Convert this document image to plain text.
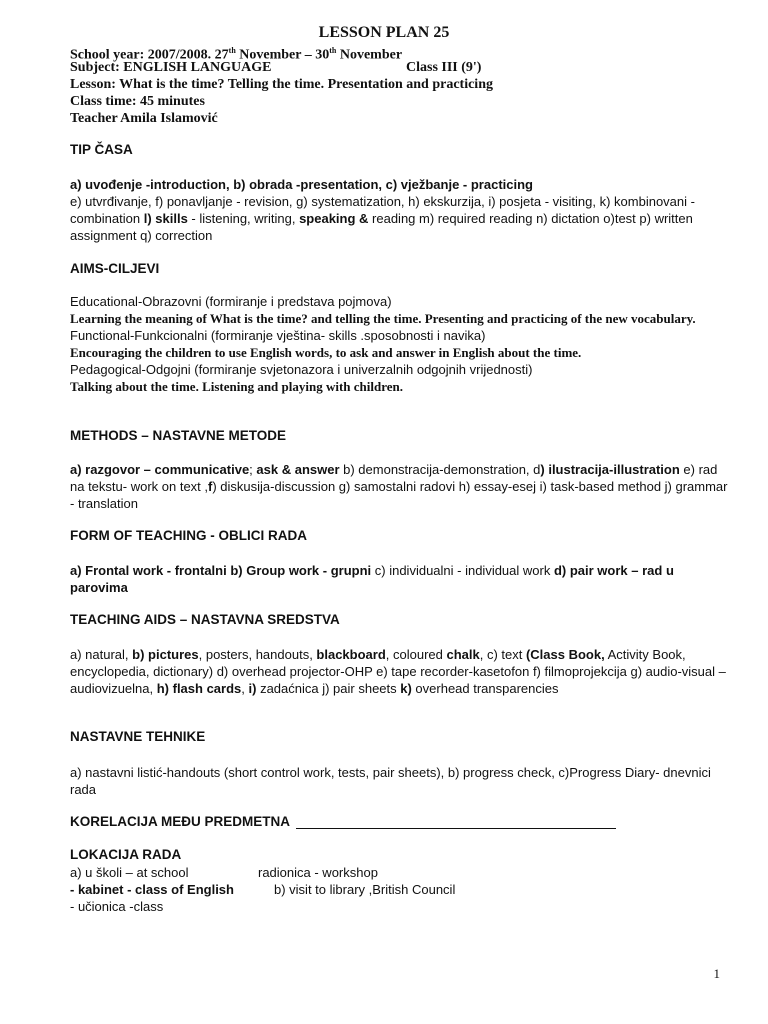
LESSON PLAN 25
School year: 2007/2008. 27th November – 30th November
Subject: ENGLISH LANGUAGE	Class III (9')
Lesson: What is the time? Telling the time. Presentation and practicing
Class time: 45 minutes
Teacher Amila Islamović
TIP ČASA
a) uvođenje -introduction, b) obrada -presentation, c) vježbanje - practicing
e) utvrđivanje, f) ponavljanje - revision, g) systematization, h) ekskurzija, i) posjeta - visiting, k) kombinovani - combination l) skills - listening, writing, speaking & reading m) required reading n) dictation o)test p) written assignment q) correction
AIMS-CILJEVI
Educational-Obrazovni (formiranje i predstava pojmova)
Learning the meaning of What is the time? and telling the time. Presenting and practicing of the new vocabulary.
Functional-Funkcionalni (formiranje vještina- skills .sposobnosti i navika)
Encouraging the children to use English words, to ask and answer in English about the time.
Pedagogical-Odgojni (formiranje svjetonazora i univerzalnih odgojnih vrijednosti)
Talking about the time. Listening and playing with children.
METHODS – NASTAVNE METODE
a) razgovor – communicative; ask & answer b) demonstracija-demonstration, d) ilustracija-illustration e) rad na tekstu- work on text ,f) diskusija-discussion g) samostalni radovi h) essay-esej i) task-based method j) grammar - translation
FORM OF TEACHING - OBLICI RADA
a) Frontal work - frontalni b) Group work - grupni c) individualni - individual work d) pair work – rad u parovima
TEACHING AIDS – NASTAVNA SREDSTVA
a) natural, b) pictures, posters, handouts, blackboard, coloured chalk, c) text (Class Book, Activity Book, encyclopedia, dictionary) d) overhead projector-OHP e) tape recorder-kasetofon f) filmoprojekcija g) audio-visual –audiovizuelna, h) flash cards, i) zadaćnica j) pair sheets k) overhead transparencies
NASTAVNE TEHNIKE
a) nastavni listić-handouts (short control work, tests, pair sheets), b) progress check, c)Progress Diary- dnevnici rada
KORELACIJA MEĐU PREDMETNA
LOKACIJA RADA
a) u školi – at school	radionica - workshop
- kabinet - class of English	b) visit to library ,British Council
- učionica -class
1
